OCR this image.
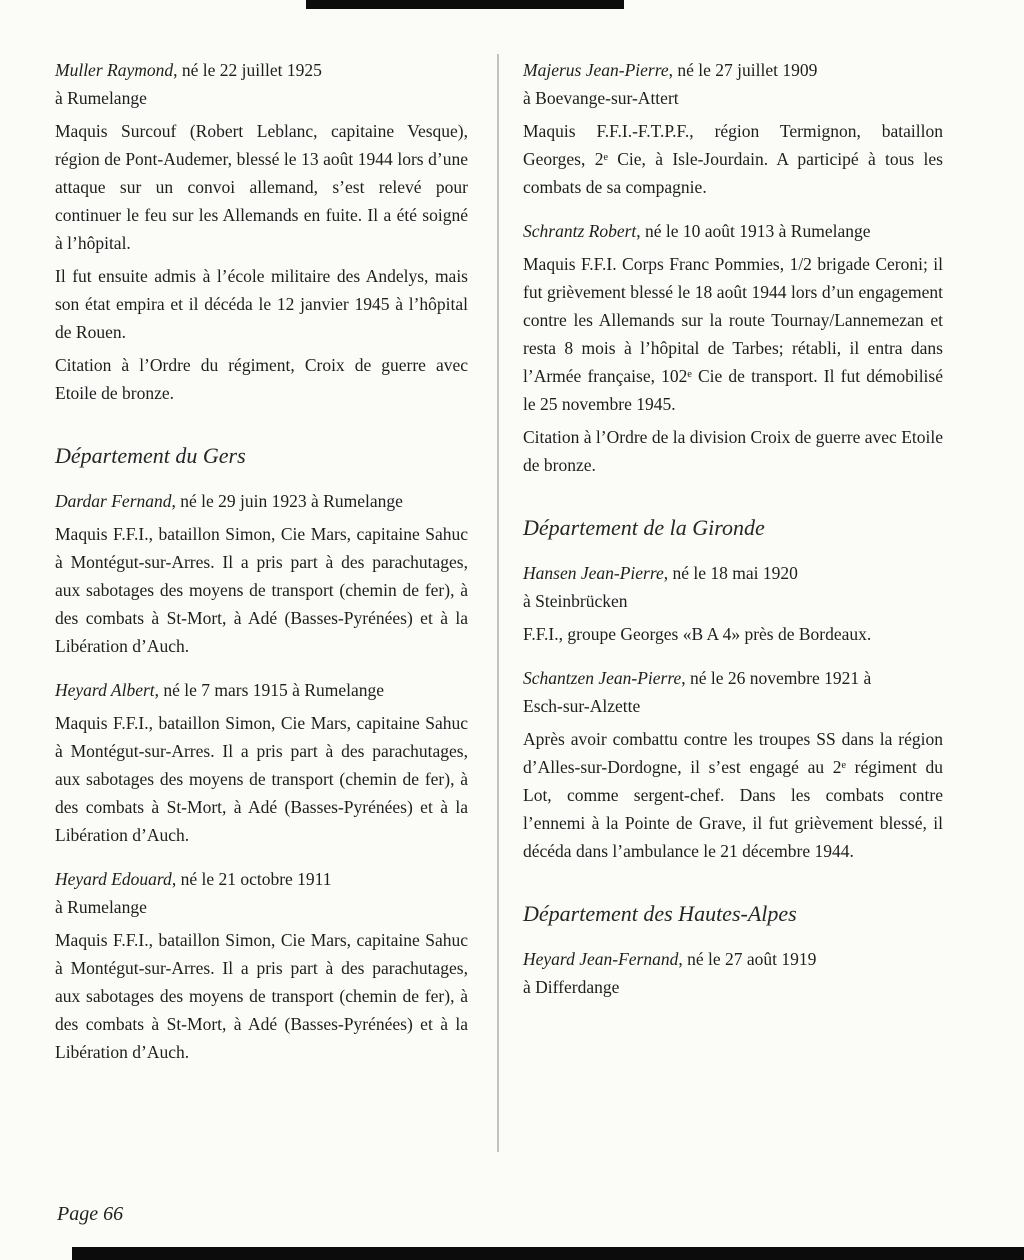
Muller Raymond, né le 22 juillet 1925
à Rumelange

Maquis Surcouf (Robert Leblanc, capitaine Vesque), région de Pont-Audemer, blessé le 13 août 1944 lors d’une attaque sur un convoi allemand, s’est relevé pour continuer le feu sur les Allemands en fuite. Il a été soigné à l’hôpital.

Il fut ensuite admis à l’école militaire des Andelys, mais son état empira et il décéda le 12 janvier 1945 à l’hôpital de Rouen.

Citation à l’Ordre du régiment, Croix de guerre avec Etoile de bronze.

Département du Gers
Dardar Fernand, né le 29 juin 1923 à Rumelange

Maquis F.F.I., bataillon Simon, Cie Mars, capitaine Sahuc à Montégut-sur-Arres. Il a pris part à des parachutages, aux sabotages des moyens de transport (chemin de fer), à des combats à St-Mort, à Adé (Basses-Pyrénées) et à la Libération d’Auch.

Heyard Albert, né le 7 mars 1915 à Rumelange

Maquis F.F.I., bataillon Simon, Cie Mars, capitaine Sahuc à Montégut-sur-Arres. Il a pris part à des parachutages, aux sabotages des moyens de transport (chemin de fer), à des combats à St-Mort, à Adé (Basses-Pyrénées) et à la Libération d’Auch.

Heyard Edouard, né le 21 octobre 1911
à Rumelange

Maquis F.F.I., bataillon Simon, Cie Mars, capitaine Sahuc à Montégut-sur-Arres. Il a pris part à des parachutages, aux sabotages des moyens de transport (chemin de fer), à des combats à St-Mort, à Adé (Basses-Pyrénées) et à la Libération d’Auch.

Majerus Jean-Pierre, né le 27 juillet 1909
à Boevange-sur-Attert

Maquis F.F.I.-F.T.P.F., région Termignon, bataillon Georges, 2ᵉ Cie, à Isle-Jourdain. A participé à tous les combats de sa compagnie.

Schrantz Robert, né le 10 août 1913 à Rumelange

Maquis F.F.I. Corps Franc Pommies, 1/2 brigade Ceroni; il fut grièvement blessé le 18 août 1944 lors d’un engagement contre les Allemands sur la route Tournay/Lannemezan et resta 8 mois à l’hôpital de Tarbes; rétabli, il entra dans l’Armée française, 102ᵉ Cie de transport. Il fut démobilisé le 25 novembre 1945.

Citation à l’Ordre de la division Croix de guerre avec Etoile de bronze.

Département de la Gironde
Hansen Jean-Pierre, né le 18 mai 1920
à Steinbrücken

F.F.I., groupe Georges «B A 4» près de Bordeaux.

Schantzen Jean-Pierre, né le 26 novembre 1921 à
Esch-sur-Alzette

Après avoir combattu contre les troupes SS dans la région d’Alles-sur-Dordogne, il s’est engagé au 2ᵉ régiment du Lot, comme sergent-chef. Dans les combats contre l’ennemi à la Pointe de Grave, il fut grièvement blessé, il décéda dans l’ambulance le 21 décembre 1944.

Département des Hautes-Alpes
Heyard Jean-Fernand, né le 27 août 1919
à Differdange
Page 66
